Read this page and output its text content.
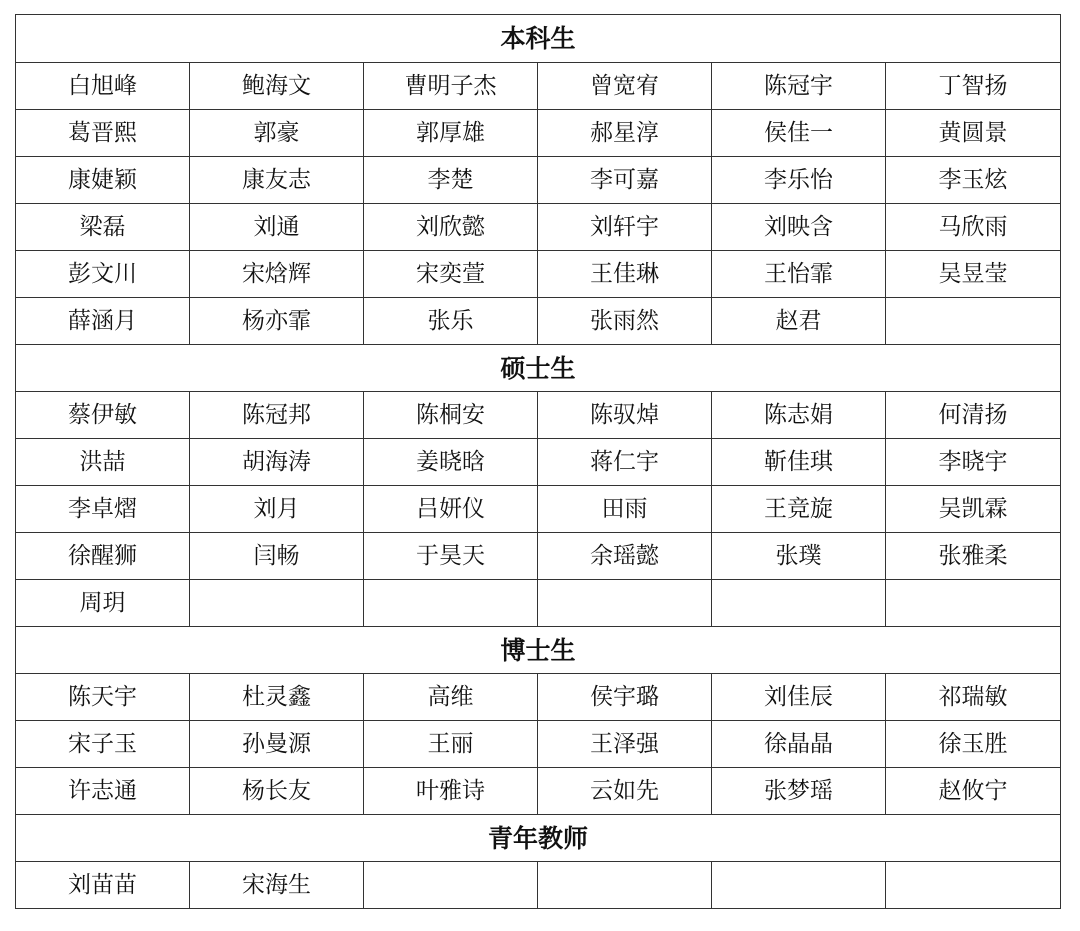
本科生					
白旭峰	鲍海文	曹明子杰	曾宽宥	陈冠宇	丁智扬
葛晋熙	郭豪	郭厚雄	郝星淳	侯佳一	黄圆景
康婕颖	康友志	李楚	李可嘉	李乐怡	李玉炫
梁磊	刘通	刘欣懿	刘轩宇	刘映含	马欣雨
彭文川	宋焓辉	宋奕萱	王佳琳	王怡霏	吴昱莹
薛涵月	杨亦霏	张乐	张雨然	赵君	
硕士生					
蔡伊敏	陈冠邦	陈桐安	陈驭焯	陈志娟	何清扬
洪喆	胡海涛	姜晓晗	蒋仁宇	靳佳琪	李晓宇
李卓熠	刘月	吕妍仪	田雨	王竞旋	吴凯霖
徐醒狮	闫畅	于昊天	余瑶懿	张璞	张雅柔
周玥					
博士生					
陈天宇	杜灵鑫	高维	侯宇璐	刘佳辰	祁瑞敏
宋子玉	孙曼源	王丽	王泽强	徐晶晶	徐玉胜
许志通	杨长友	叶雅诗	云如先	张梦瑶	赵攸宁
青年教师					
刘苗苗	宋海生				
